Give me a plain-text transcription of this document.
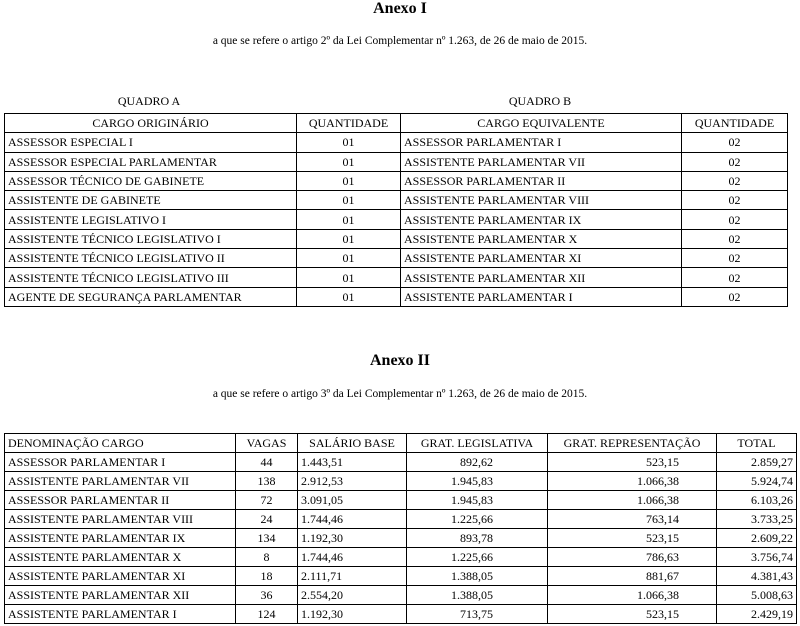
Anexo I

a que se refere o artigo 2º da Lei Complementar nº 1.263, de 26 de maio de 2015.

QUADRO A	QUADRO B
CARGO ORIGINÁRIO	QUANTIDADE	CARGO EQUIVALENTE	QUANTIDADE
ASSESSOR ESPECIAL I	01	ASSESSOR PARLAMENTAR I	02
ASSESSOR ESPECIAL PARLAMENTAR	01	ASSISTENTE PARLAMENTAR VII	02
ASSESSOR TÉCNICO DE GABINETE	01	ASSESSOR PARLAMENTAR II	02
ASSISTENTE DE GABINETE	01	ASSISTENTE PARLAMENTAR VIII	02
ASSISTENTE LEGISLATIVO I	01	ASSISTENTE PARLAMENTAR IX	02
ASSISTENTE TÉCNICO LEGISLATIVO I	01	ASSISTENTE PARLAMENTAR X	02
ASSISTENTE TÉCNICO LEGISLATIVO II	01	ASSISTENTE PARLAMENTAR XI	02
ASSISTENTE TÉCNICO LEGISLATIVO III	01	ASSISTENTE PARLAMENTAR XII	02
AGENTE DE SEGURANÇA PARLAMENTAR	01	ASSISTENTE PARLAMENTAR I	02
Anexo II

a que se refere o artigo 3º da Lei Complementar nº 1.263, de 26 de maio de 2015.

DENOMINAÇÃO CARGO	VAGAS	SALÁRIO BASE	GRAT. LEGISLATIVA	GRAT. REPRESENTAÇÃO	TOTAL
ASSESSOR PARLAMENTAR I	44	1.443,51	892,62	523,15	2.859,27
ASSISTENTE PARLAMENTAR VII	138	2.912,53	1.945,83	1.066,38	5.924,74
ASSESSOR PARLAMENTAR II	72	3.091,05	1.945,83	1.066,38	6.103,26
ASSISTENTE PARLAMENTAR VIII	24	1.744,46	1.225,66	763,14	3.733,25
ASSISTENTE PARLAMENTAR IX	134	1.192,30	893,78	523,15	2.609,22
ASSISTENTE PARLAMENTAR X	8	1.744,46	1.225,66	786,63	3.756,74
ASSISTENTE PARLAMENTAR XI	18	2.111,71	1.388,05	881,67	4.381,43
ASSISTENTE PARLAMENTAR XII	36	2.554,20	1.388,05	1.066,38	5.008,63
ASSISTENTE PARLAMENTAR I	124	1.192,30	713,75	523,15	2.429,19
